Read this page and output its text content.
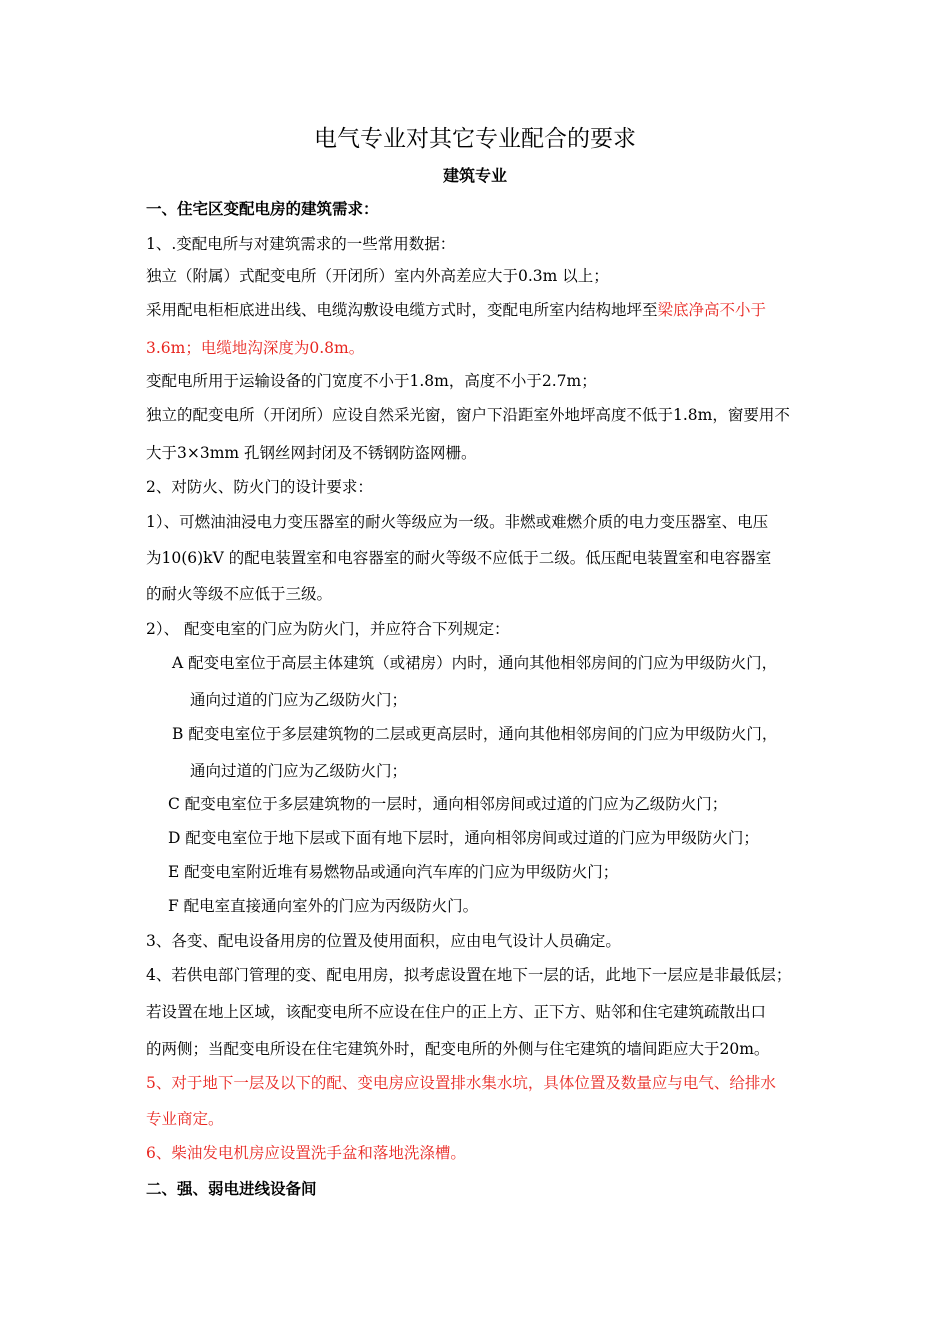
电气专业对其它专业配合的要求
建筑专业
一、住宅区变配电房的建筑需求：
1、.变配电所与对建筑需求的一些常用数据：
独立（附属）式配变电所（开闭所）室内外高差应大于0.3m 以上；
采用配电柜柜底进出线、电缆沟敷设电缆方式时，变配电所室内结构地坪至梁底净高不小于
3.6m；电缆地沟深度为0.8m。
变配电所用于运输设备的门宽度不小于1.8m，高度不小于2.7m；
独立的配变电所（开闭所）应设自然采光窗，窗户下沿距室外地坪高度不低于1.8m，窗要用不
大于3×3mm 孔钢丝网封闭及不锈钢防盗网栅。
2、对防火、防火门的设计要求：
1）、可燃油油浸电力变压器室的耐火等级应为一级。非燃或难燃介质的电力变压器室、电压
为10(6)kV 的配电装置室和电容器室的耐火等级不应低于二级。低压配电装置室和电容器室
的耐火等级不应低于三级。
2）、 配变电室的门应为防火门，并应符合下列规定：
A 配变电室位于高层主体建筑（或裙房）内时，通向其他相邻房间的门应为甲级防火门，
通向过道的门应为乙级防火门；
B 配变电室位于多层建筑物的二层或更高层时，通向其他相邻房间的门应为甲级防火门，
通向过道的门应为乙级防火门；
C 配变电室位于多层建筑物的一层时，通向相邻房间或过道的门应为乙级防火门；
D 配变电室位于地下层或下面有地下层时，通向相邻房间或过道的门应为甲级防火门；
E 配变电室附近堆有易燃物品或通向汽车库的门应为甲级防火门；
F 配电室直接通向室外的门应为丙级防火门。
3、各变、配电设备用房的位置及使用面积，应由电气设计人员确定。
4、若供电部门管理的变、配电用房，拟考虑设置在地下一层的话，此地下一层应是非最低层；
若设置在地上区域，该配变电所不应设在住户的正上方、正下方、贴邻和住宅建筑疏散出口
的两侧；当配变电所设在住宅建筑外时，配变电所的外侧与住宅建筑的墙间距应大于20m。
5、对于地下一层及以下的配、变电房应设置排水集水坑，具体位置及数量应与电气、给排水
专业商定。
6、柴油发电机房应设置洗手盆和落地洗涤槽。
二、强、弱电进线设备间
